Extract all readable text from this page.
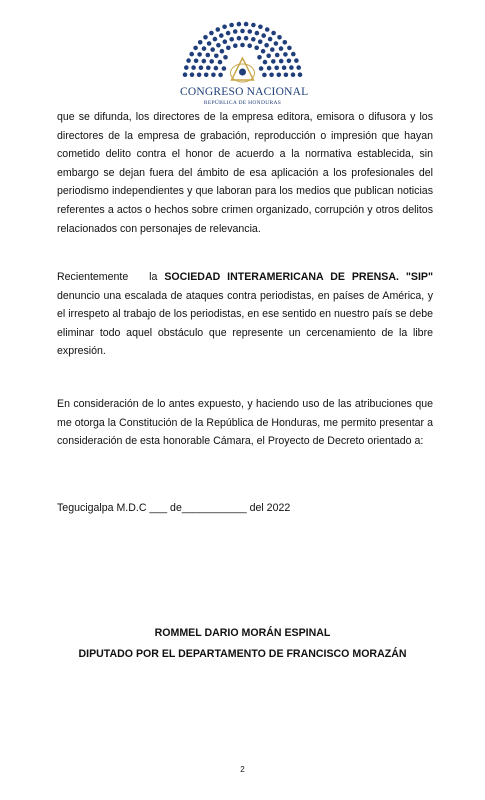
CONGRESO NACIONAL
REPÚBLICA DE HONDURAS
que se difunda, los directores de la empresa editora, emisora o difusora y los directores de la empresa de grabación, reproducción o impresión que hayan cometido delito contra el honor de acuerdo a la normativa establecida, sin embargo se dejan fuera del ámbito de esa aplicación a los profesionales del periodismo independientes y que laboran para los medios que publican noticias referentes a actos o hechos sobre crimen organizado, corrupción y otros delitos relacionados con personajes de relevancia.
Recientemente la SOCIEDAD INTERAMERICANA DE PRENSA. "SIP" denuncio una escalada de ataques contra periodistas, en países de América, y el irrespeto al trabajo de los periodistas, en ese sentido en nuestro país se debe eliminar todo aquel obstáculo que represente un cercenamiento de la libre expresión.
En consideración de lo antes expuesto, y haciendo uso de las atribuciones que me otorga la Constitución de la República de Honduras, me permito presentar a consideración de esta honorable Cámara, el Proyecto de Decreto orientado a:
Tegucigalpa M.D.C ___ de___________ del 2022
ROMMEL DARIO MORÁN ESPINAL
DIPUTADO POR EL DEPARTAMENTO DE FRANCISCO MORAZÁN
2
